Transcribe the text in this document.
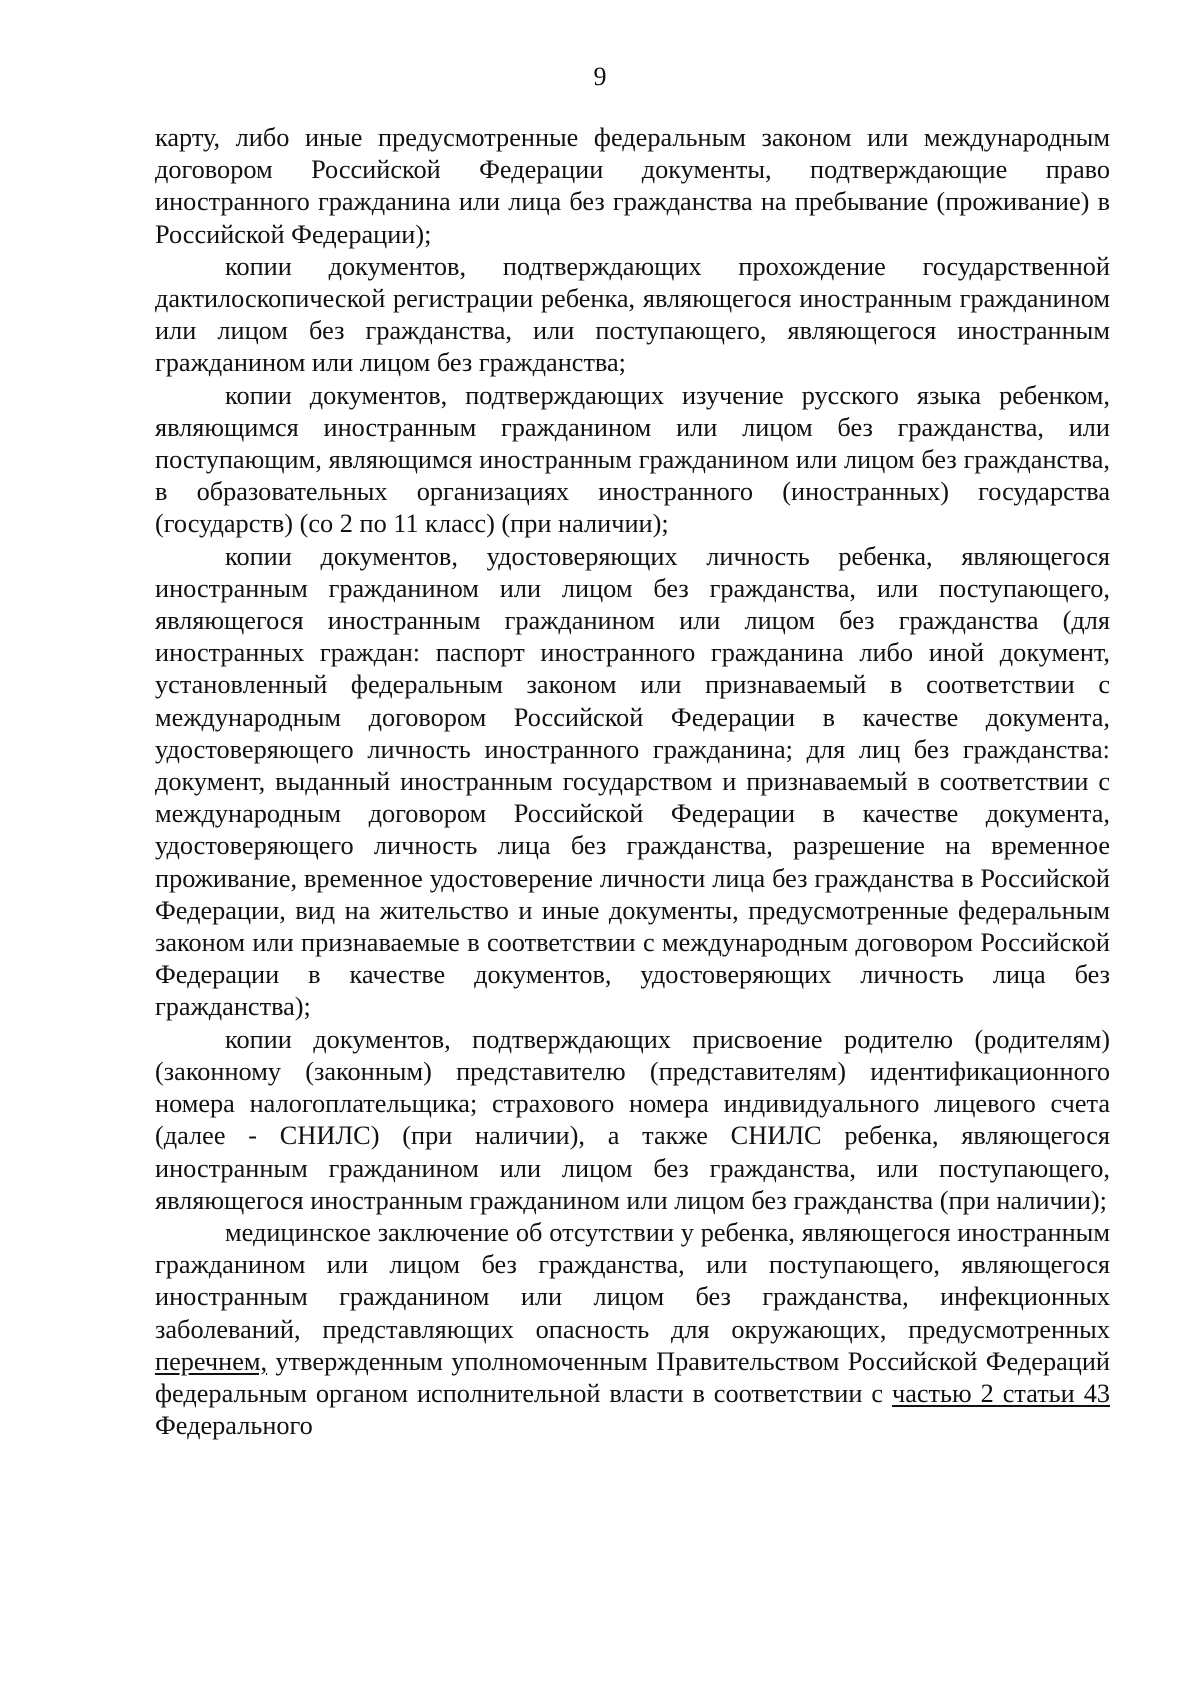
9

карту, либо иные предусмотренные федеральным законом или международным договором Российской Федерации документы, подтверждающие право иностранного гражданина или лица без гражданства на пребывание (проживание) в Российской Федерации);

копии документов, подтверждающих прохождение государственной дактилоскопической регистрации ребенка, являющегося иностранным гражданином или лицом без гражданства, или поступающего, являющегося иностранным гражданином или лицом без гражданства;

копии документов, подтверждающих изучение русского языка ребенком, являющимся иностранным гражданином или лицом без гражданства, или поступающим, являющимся иностранным гражданином или лицом без гражданства, в образовательных организациях иностранного (иностранных) государства (государств) (со 2 по 11 класс) (при наличии);

копии документов, удостоверяющих личность ребенка, являющегося иностранным гражданином или лицом без гражданства, или поступающего, являющегося иностранным гражданином или лицом без гражданства (для иностранных граждан: паспорт иностранного гражданина либо иной документ, установленный федеральным законом или признаваемый в соответствии с международным договором Российской Федерации в качестве документа, удостоверяющего личность иностранного гражданина; для лиц без гражданства: документ, выданный иностранным государством и признаваемый в соответствии с международным договором Российской Федерации в качестве документа, удостоверяющего личность лица без гражданства, разрешение на временное проживание, временное удостоверение личности лица без гражданства в Российской Федерации, вид на жительство и иные документы, предусмотренные федеральным законом или признаваемые в соответствии с международным договором Российской Федерации в качестве документов, удостоверяющих личность лица без гражданства);

копии документов, подтверждающих присвоение родителю (родителям) (законному (законным) представителю (представителям) идентификационного номера налогоплательщика; страхового номера индивидуального лицевого счета (далее - СНИЛС) (при наличии), а также СНИЛС ребенка, являющегося иностранным гражданином или лицом без гражданства, или поступающего, являющегося иностранным гражданином или лицом без гражданства (при наличии);

медицинское заключение об отсутствии у ребенка, являющегося иностранным гражданином или лицом без гражданства, или поступающего, являющегося иностранным гражданином или лицом без гражданства, инфекционных заболеваний, представляющих опасность для окружающих, предусмотренных перечнем, утвержденным уполномоченным Правительством Российской Федераций федеральным органом исполнительной власти в соответствии с частью 2 статьи 43 Федерального
